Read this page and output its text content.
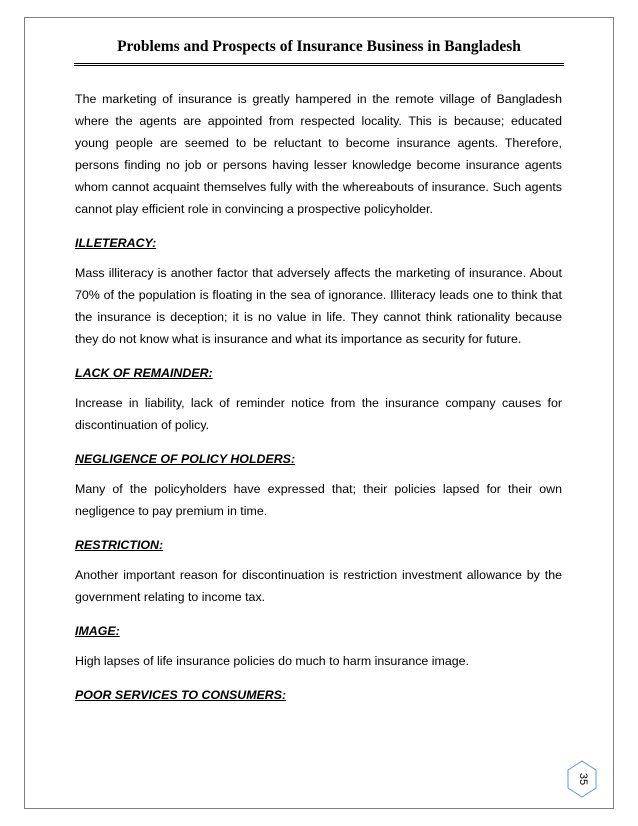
Problems and Prospects of Insurance Business in Bangladesh

The marketing of insurance is greatly hampered in the remote village of Bangladesh where the agents are appointed from respected locality. This is because; educated young people are seemed to be reluctant to become insurance agents. Therefore, persons finding no job or persons having lesser knowledge become insurance agents whom cannot acquaint themselves fully with the whereabouts of insurance. Such agents cannot play efficient role in convincing a prospective policyholder.

ILLETERACY:

Mass illiteracy is another factor that adversely affects the marketing of insurance. About 70% of the population is floating in the sea of ignorance. Illiteracy leads one to think that the insurance is deception; it is no value in life. They cannot think rationality because they do not know what is insurance and what its importance as security for future.

LACK OF REMAINDER:

Increase in liability, lack of reminder notice from the insurance company causes for discontinuation of policy.

NEGLIGENCE OF POLICY HOLDERS:

Many of the policyholders have expressed that; their policies lapsed for their own negligence to pay premium in time.

RESTRICTION:

Another important reason for discontinuation is restriction investment allowance by the government relating to income tax.

IMAGE:

High lapses of life insurance policies do much to harm insurance image.

POOR SERVICES TO CONSUMERS:
35
